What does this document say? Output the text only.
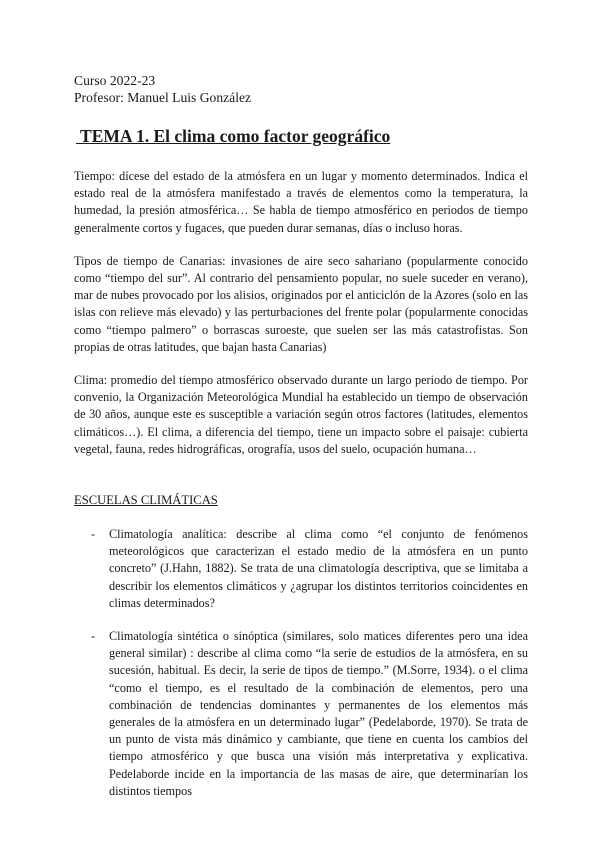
Curso 2022-23

Profesor: Manuel Luis González

TEMA 1. El clima como factor geográfico

Tiempo: dícese del estado de la atmósfera en un lugar y momento determinados. Indica el estado real de la atmósfera manifestado a través de elementos como la temperatura, la humedad, la presión atmosférica… Se habla de tiempo atmosférico en periodos de tiempo generalmente cortos y fugaces, que pueden durar semanas, días o incluso horas.

Tipos de tiempo de Canarias: invasiones de aire seco sahariano (popularmente conocido como “tiempo del sur”. Al contrario del pensamiento popular, no suele suceder en verano), mar de nubes provocado por los alisios, originados por el anticiclón de la Azores (solo en las islas con relieve más elevado) y las perturbaciones del frente polar (popularmente conocidas como “tiempo palmero” o borrascas suroeste, que suelen ser las más catastrofistas. Son propias de otras latitudes, que bajan hasta Canarias)

Clima: promedio del tiempo atmosférico observado durante un largo periodo de tiempo. Por convenio, la Organización Meteorológica Mundial ha establecido un tiempo de observación de 30 años, aunque este es susceptible a variación según otros factores (latitudes, elementos climáticos…). El clima, a diferencia del tiempo, tiene un impacto sobre el paisaje: cubierta vegetal, fauna, redes hidrográficas, orografía, usos del suelo, ocupación humana…

ESCUELAS CLIMÁTICAS
- Climatología analítica: describe al clima como “el conjunto de fenómenos meteorológicos que caracterizan el estado medio de la atmósfera en un punto concreto” (J.Hahn, 1882). Se trata de una climatología descriptiva, que se limitaba a describir los elementos climáticos y ¿agrupar los distintos territorios coincidentes en climas determinados?
- Climatología sintética o sinóptica (similares, solo matices diferentes pero una idea general similar) : describe al clima como “la serie de estudios de la atmósfera, en su sucesión, habitual. Es decir, la serie de tipos de tiempo.” (M.Sorre, 1934). o el clima “como el tiempo, es el resultado de la combinación de elementos, pero una combinación de tendencias dominantes y permanentes de los elementos más generales de la atmósfera en un determinado lugar” (Pedelaborde, 1970). Se trata de un punto de vista más dinámico y cambiante, que tiene en cuenta los cambios del tiempo atmosférico y que busca una visión más interpretativa y explicativa. Pedelaborde incide en la importancia de las masas de aire, que determinarían los distintos tiempos
